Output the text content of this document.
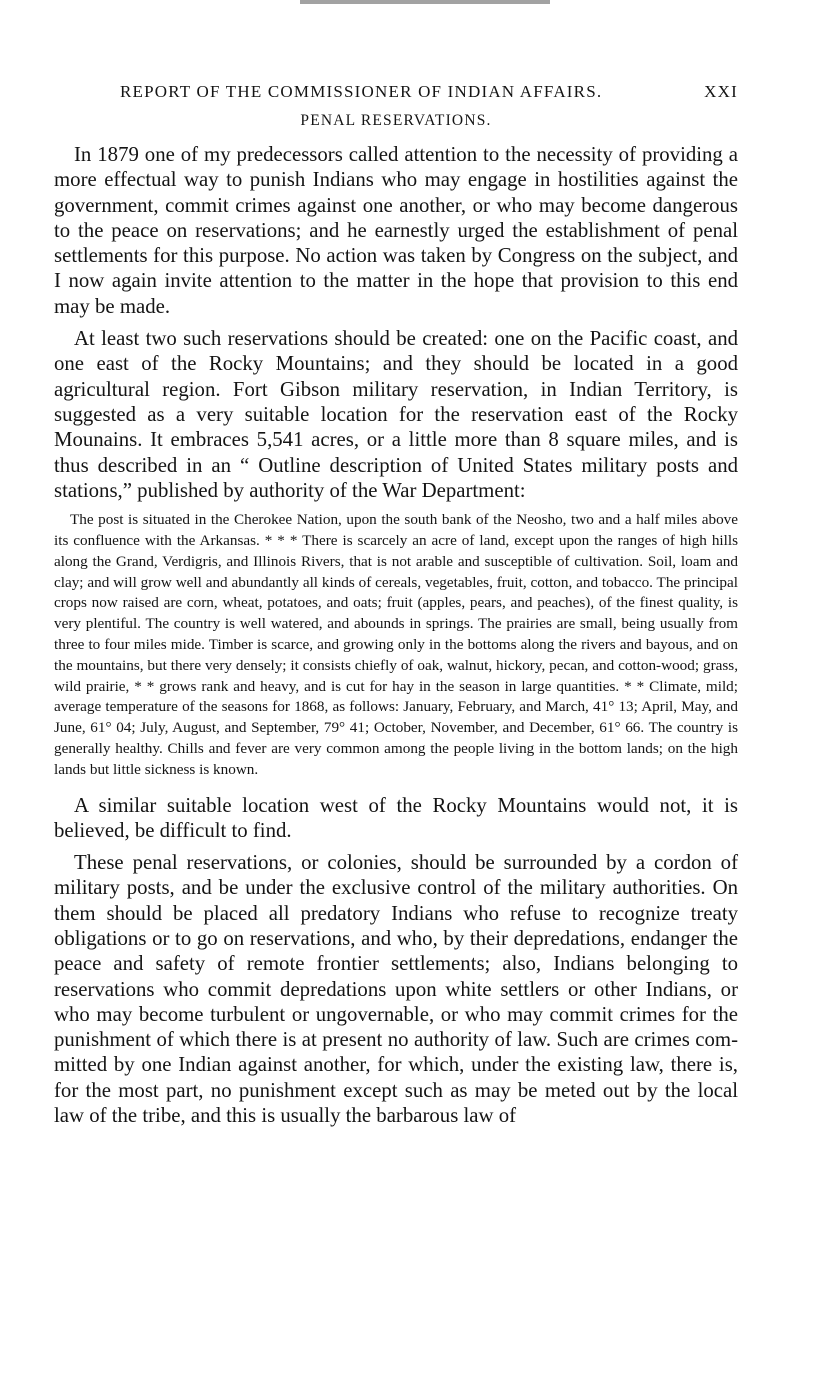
REPORT OF THE COMMISSIONER OF INDIAN AFFAIRS.	XXI
PENAL RESERVATIONS.

In 1879 one of my predecessors called attention to the necessity of providing a more effectual way to punish Indians who may engage in hostilities against the government, commit crimes against one another, or who may become dangerous to the peace on reservations; and he earnestly urged the establishment of penal settlements for this purpose. No action was taken by Congress on the subject, and I now again invite attention to the matter in the hope that provision to this end may be made.

At least two such reservations should be created: one on the Pacific coast, and one east of the Rocky Mountains; and they should be located in a good agricultural region. Fort Gibson military reservation, in Indian Territory, is suggested as a very suitable location for the reservation east of the Rocky Mounains. It embraces 5,541 acres, or a little more than 8 square miles, and is thus described in an “ Outline description of United States military posts and stations,” published by authority of the War Department:

The post is situated in the Cherokee Nation, upon the south bank of the Neosho, two and a half miles above its confluence with the Arkansas. * * * There is scarcely an acre of land, except upon the ranges of high hills along the Grand, Verdigris, and Illinois Rivers, that is not arable and susceptible of cultivation. Soil, loam and clay; and will grow well and abundantly all kinds of cereals, vegetables, fruit, cotton, and tobacco. The principal crops now raised are corn, wheat, potatoes, and oats; fruit (apples, pears, and peaches), of the finest quality, is very plentiful. The country is well watered, and abounds in springs. The prairies are small, being usually from three to four miles mide. Timber is scarce, and growing only in the bottoms along the rivers and bayous, and on the mountains, but there very densely; it consists chiefly of oak, walnut, hickory, pecan, and cotton-wood; grass, wild prairie, * * grows rank and heavy, and is cut for hay in the season in large quantities. * * Climate, mild; average temperature of the seasons for 1868, as follows: January, February, and March, 41° 13; April, May, and June, 61° 04; July, August, and September, 79° 41; October, November, and December, 61° 66. The country is generally healthy. Chills and fever are very common among the people living in the bottom lands; on the high lands but little sickness is known.

A similar suitable location west of the Rocky Mountains would not, it is believed, be difficult to find.

These penal reservations, or colonies, should be surrounded by a cordon of military posts, and be under the exclusive control of the military authorities. On them should be placed all predatory Indians who refuse to recognize treaty obligations or to go on reservations, and who, by their depredations, endanger the peace and safety of remote frontier settlements; also, Indians belonging to reservations who commit depredations upon white settlers or other Indians, or who may become turbulent or ungovernable, or who may commit crimes for the punishment of which there is at present no authority of law. Such are crimes committed by one Indian against another, for which, under the existing law, there is, for the most part, no punishment except such as may be meted out by the local law of the tribe, and this is usually the barbarous law of
